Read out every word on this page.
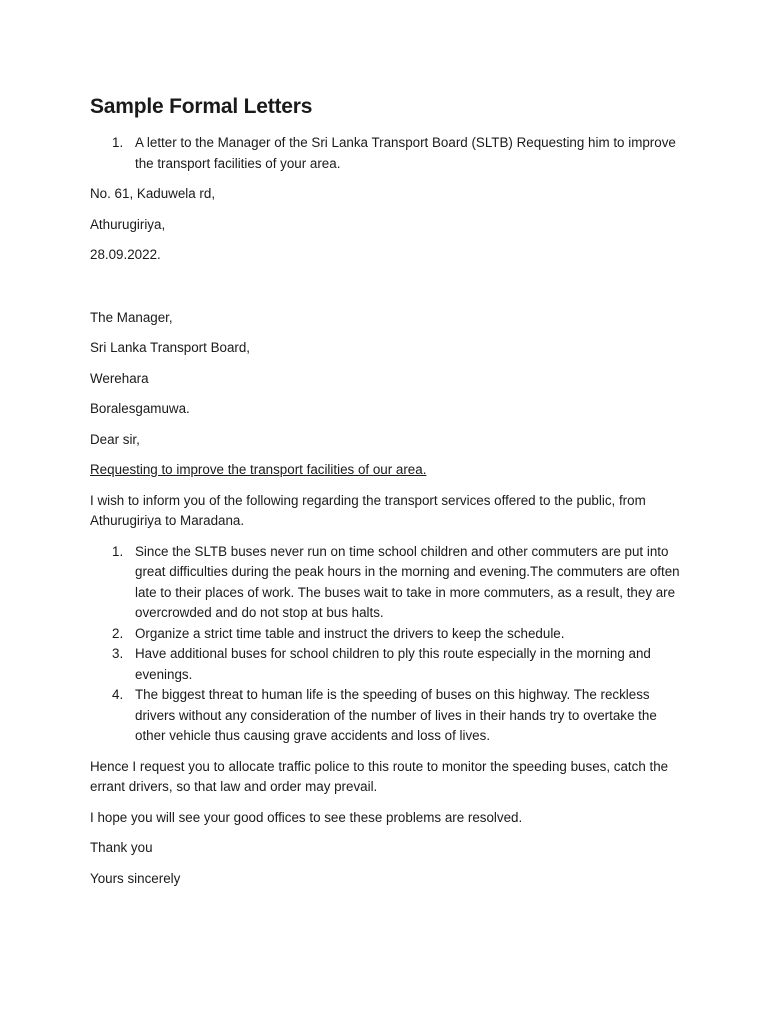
Sample Formal Letters
1. A letter to the Manager of the Sri Lanka Transport Board (SLTB) Requesting him to improve the transport facilities of your area.
No. 61, Kaduwela rd,
Athurugiriya,
28.09.2022.
The Manager,
Sri Lanka Transport Board,
Werehara
Boralesgamuwa.
Dear sir,
Requesting to improve the transport facilities of our area.
I wish to inform you of the following regarding the transport services offered to the public, from Athurugiriya to Maradana.
1. Since the SLTB buses never run on time school children and other commuters are put into great difficulties during the peak hours in the morning and evening.The commuters are often late to their places of work. The buses wait to take in more commuters, as a result, they are overcrowded and do not stop at bus halts.
2. Organize a strict time table and instruct the drivers to keep the schedule.
3. Have additional buses for school children to ply this route especially in the morning and evenings.
4. The biggest threat to human life is the speeding of buses on this highway. The reckless drivers without any consideration of the number of lives in their hands try to overtake the other vehicle thus causing grave accidents and loss of lives.
Hence I request you to allocate traffic police to this route to monitor the speeding buses, catch the errant drivers, so that law and order may prevail.
I hope you will see your good offices to see these problems are resolved.
Thank you
Yours sincerely
